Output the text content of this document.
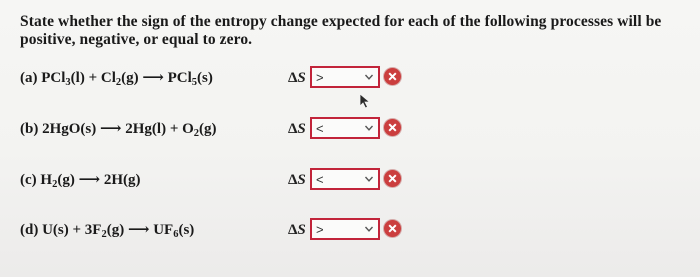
State whether the sign of the entropy change expected for each of the following processes will be positive, negative, or equal to zero.
(a) $PCl_3(l) + Cl_2(g)$ ⟶ PCl$_5$(s)	ΔS >
(b) 2HgO(s) ⟶ $2Hg(l) + O_2(g)$	ΔS <
(c) $H_2(g)$ ⟶ 2H(g)	ΔS <
(d) $U(s) + 3F_2(g)$ ⟶ $UF_6(s)$	ΔS >
